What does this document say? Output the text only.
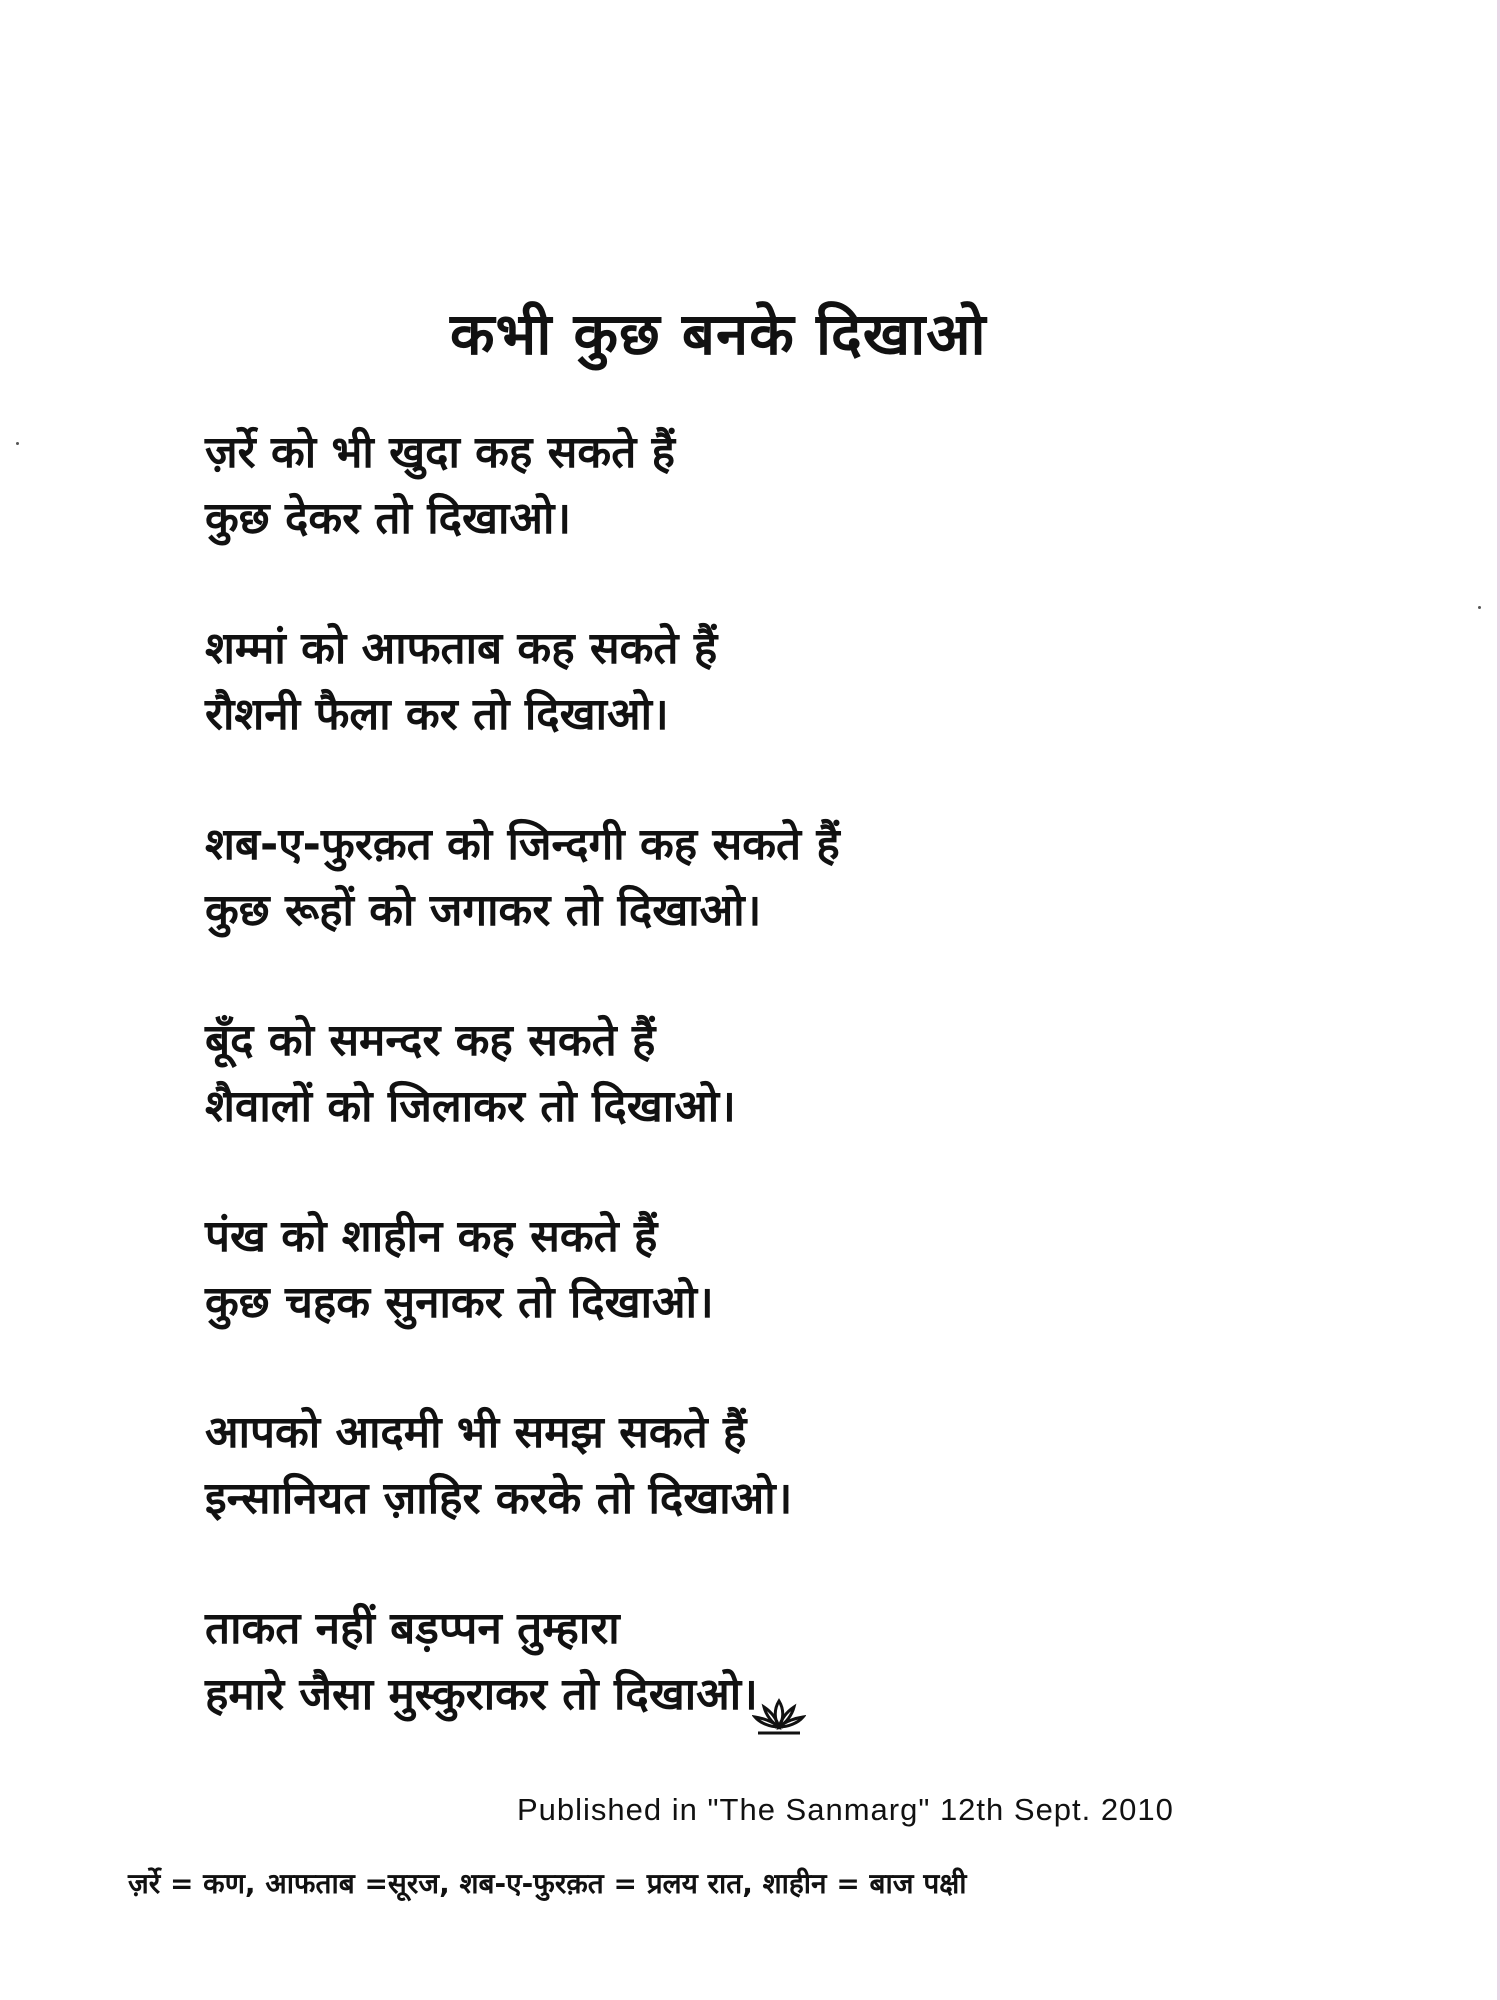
कभी कुछ बनके दिखाओ
ज़र्रे को भी खुदा कह सकते हैं
कुछ देकर तो दिखाओ।
शम्मां को आफताब कह सकते हैं
रौशनी फैला कर तो दिखाओ।
शब-ए-फुरक़त को जिन्दगी कह सकते हैं
कुछ रूहों को जगाकर तो दिखाओ।
बूँद को समन्दर कह सकते हैं
शैवालों को जिलाकर तो दिखाओ।
पंख को शाहीन कह सकते हैं
कुछ चहक सुनाकर तो दिखाओ।
आपको आदमी भी समझ सकते हैं
इन्सानियत ज़ाहिर करके तो दिखाओ।
ताकत नहीं बड़प्पन तुम्हारा
हमारे जैसा मुस्कुराकर तो दिखाओ।
Published in "The Sanmarg" 12th Sept. 2010
ज़र्रे = कण, आफताब =सूरज, शब-ए-फुरक़त = प्रलय रात, शाहीन = बाज पक्षी
